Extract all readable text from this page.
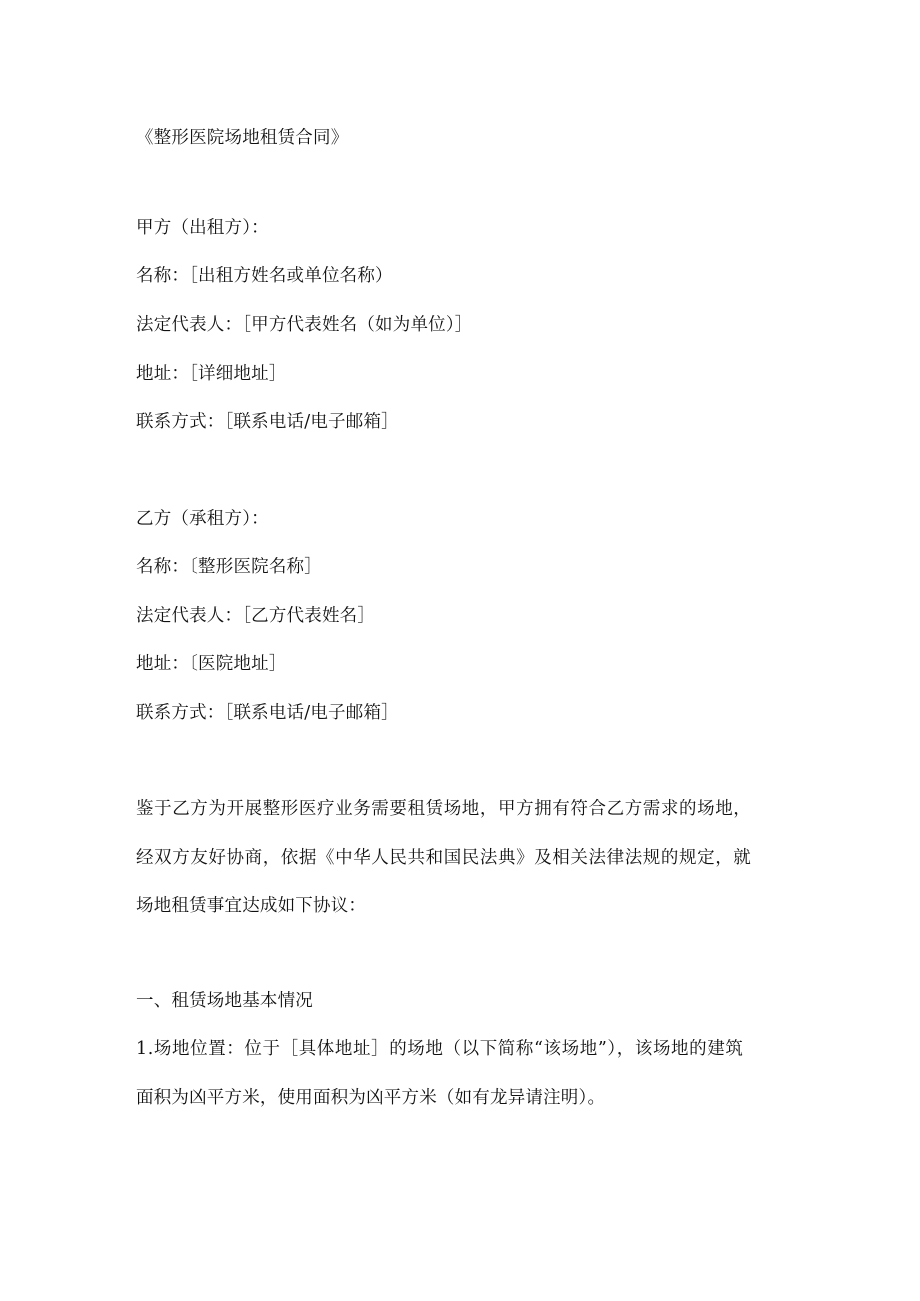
《整形医院场地租赁合同》
甲方（出租方）：
名称：［出租方姓名或单位名称）
法定代表人：［甲方代表姓名（如为单位）］
地址：［详细地址］
联系方式：［联系电话/电子邮箱］
乙方（承租方）：
名称：〔整形医院名称］
法定代表人：［乙方代表姓名］
地址：〔医院地址］
联系方式：［联系电话/电子邮箱］
鉴于乙方为开展整形医疗业务需要租赁场地，甲方拥有符合乙方需求的场地，
经双方友好协商，依据《中华人民共和国民法典》及相关法律法规的规定，就
场地租赁事宜达成如下协议：
一、租赁场地基本情况
1.场地位置：位于［具体地址］的场地（以下简称“该场地”），该场地的建筑
面积为凶平方米，使用面积为凶平方米（如有龙异请注明）。
